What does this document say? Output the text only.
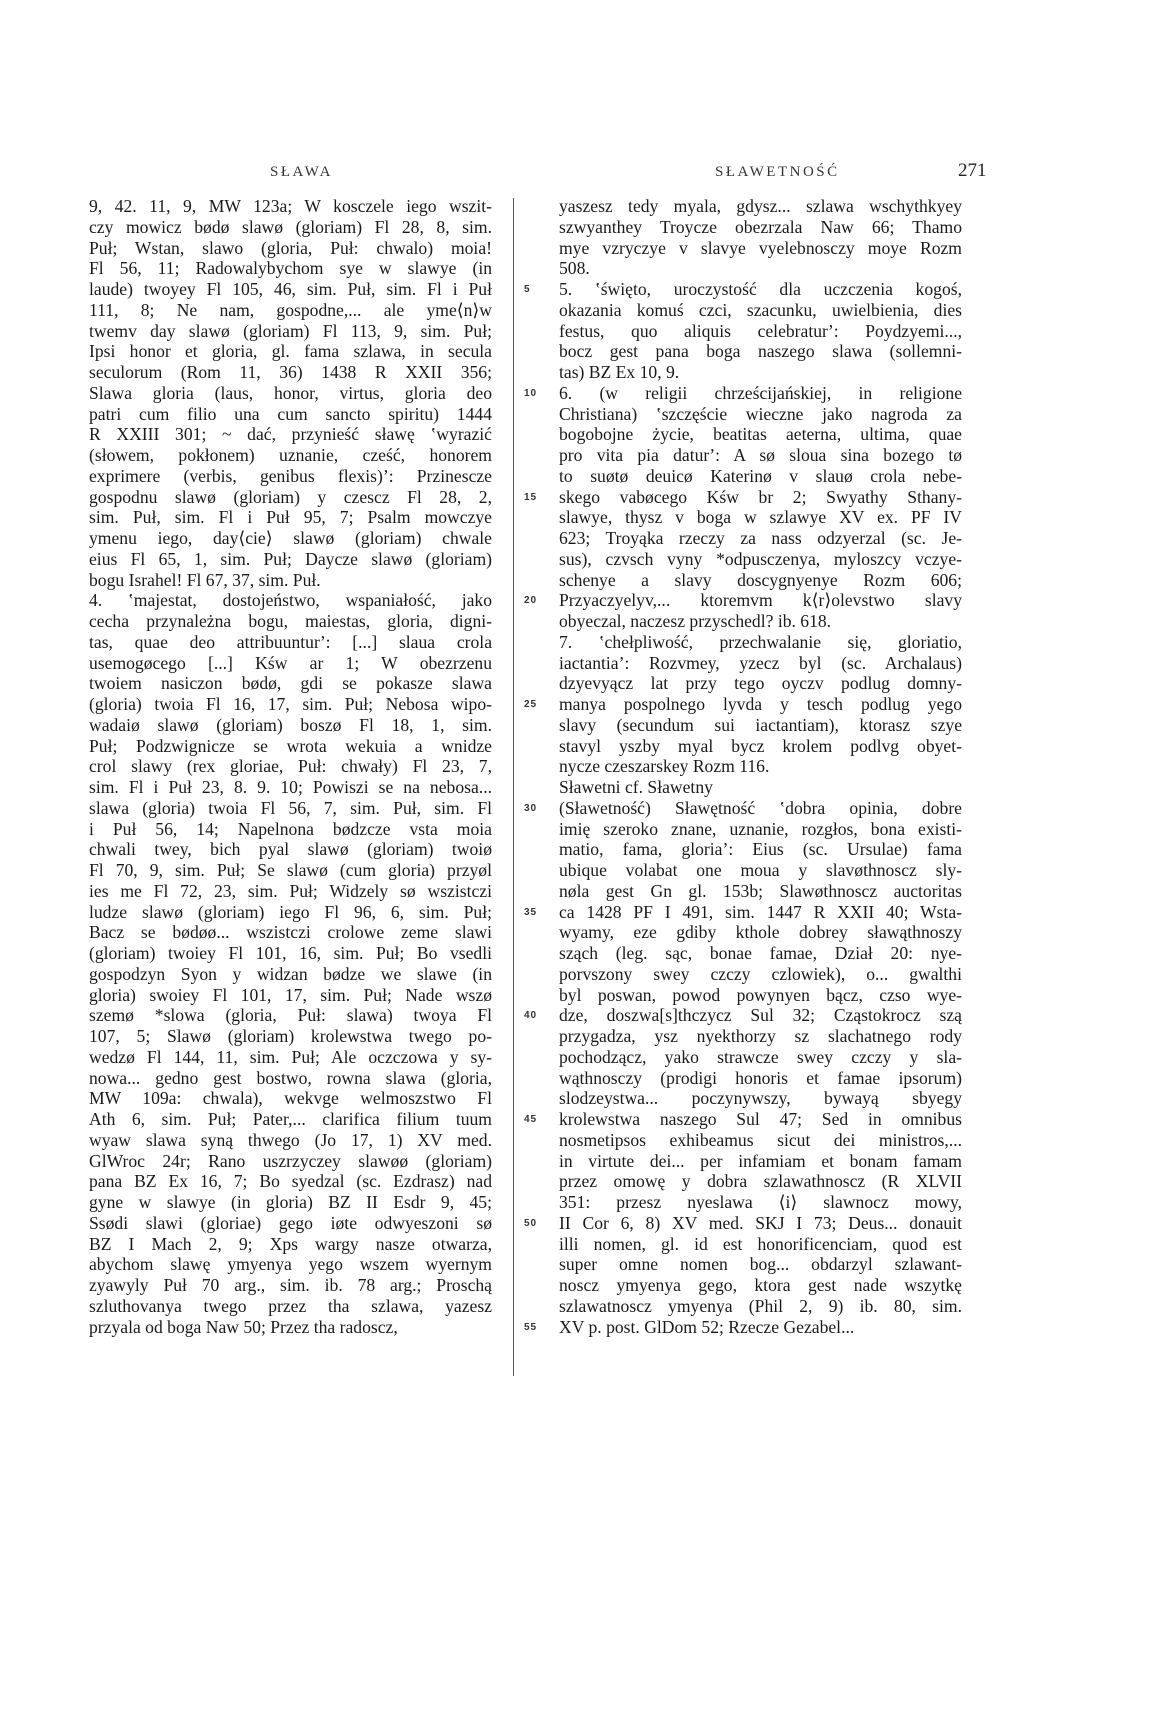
SŁAWA	SŁAWETNOŚĆ	271
9, 42. 11, 9, MW 123a; W kosczele iego wszit-
czy mowicz bødø slawø (gloriam) Fl 28, 8, sim.
Puł; Wstan, slawo (gloria, Puł: chwalo) moia!
Fl 56, 11; Radowalybychom sye w slawye (in
laude) twoyey Fl 105, 46, sim. Puł, sim. Fl i Puł
111, 8; Ne nam, gospodne,... ale yme⟨n⟩w
twemv day slawø (gloriam) Fl 113, 9, sim. Puł;
Ipsi honor et gloria, gl. fama szlawa, in secula
seculorum (Rom 11, 36) 1438 R XXII 356;
Slawa gloria (laus, honor, virtus, gloria deo
patri cum filio una cum sancto spiritu) 1444
R XXIII 301; ~ dać, przynieść sławę ʽwyrazić
(słowem, pokłonem) uznanie, cześć, honorem
exprimere (verbis, genibus flexis)ʼ: Przinescze
gospodnu slawø (gloriam) y czescz Fl 28, 2,
sim. Puł, sim. Fl i Puł 95, 7; Psalm mowczye
ymenu iego, day⟨cie⟩ slawø (gloriam) chwale
eius Fl 65, 1, sim. Puł; Daycze slawø (gloriam)
bogu Israhel! Fl 67, 37, sim. Puł.
4. ʽmajestat, dostojeństwo, wspaniałość, jako
cecha przynależna bogu, maiestas, gloria, digni-
tas, quae deo attribuunturʼ: [...] slaua crola
usemogøcego [...] Kśw ar 1; W obezrzenu
twoiem nasiczon bødø, gdi se pokasze slawa
(gloria) twoia Fl 16, 17, sim. Puł; Nebosa wipo-
wadaiø slawø (gloriam) boszø Fl 18, 1, sim.
Puł; Podzwignicze se wrota wekuia a wnidze
crol slawy (rex gloriae, Puł: chwały) Fl 23, 7,
sim. Fl i Puł 23, 8. 9. 10; Powiszi se na nebosa...
slawa (gloria) twoia Fl 56, 7, sim. Puł, sim. Fl
i Puł 56, 14; Napelnona bødzcze vsta moia
chwali twey, bich pyal slawø (gloriam) twoiø
Fl 70, 9, sim. Puł; Se slawø (cum gloria) przyøl
ies me Fl 72, 23, sim. Puł; Widzely sø wszistczi
ludze slawø (gloriam) iego Fl 96, 6, sim. Puł;
Bacz se bødøø... wszistczi crolowe zeme slawi
(gloriam) twoiey Fl 101, 16, sim. Puł; Bo vsedli
gospodzyn Syon y widzan bødze we slawe (in
gloria) swoiey Fl 101, 17, sim. Puł; Nade wszø
szemø *slowa (gloria, Puł: slawa) twoya Fl
107, 5; Slawø (gloriam) krolewstwa twego po-
wedzø Fl 144, 11, sim. Puł; Ale oczczowa y sy-
nowa... gedno gest bostwo, rowna slawa (gloria,
MW 109a: chwala), wekvge welmoszstwo Fl
Ath 6, sim. Puł; Pater,... clarifica filium tuum
wyaw slawa syną thwego (Jo 17, 1) XV med.
GlWroc 24r; Rano uszrzyczey slawøø (gloriam)
pana BZ Ex 16, 7; Bo syedzal (sc. Ezdrasz) nad
gyne w slawye (in gloria) BZ II Esdr 9, 45;
Ssødi slawi (gloriae) gego iøte odwyeszoni sø
BZ I Mach 2, 9; Xps wargy nasze otwarza,
abychom slawę ymyenya yego wszem wyernym
zyawyly Puł 70 arg., sim. ib. 78 arg.; Proschą
szluthovanya twego przez tha szlawa, yazesz
przyala od boga Naw 50; Przez tha radoscz,
5
10
15
20
25
30
35
40
45
50
55
yaszesz tedy myala, gdysz... szlawa wschythkyey
szwyanthey Troycze obezrzala Naw 66; Thamo
mye vzryczye v slavye vyelebnosczy moye Rozm
508.
5. ʽświęto, uroczystość dla uczczenia kogoś,
okazania komuś czci, szacunku, uwielbienia, dies
festus, quo aliquis celebraturʼ: Poydzyemi...,
bocz gest pana boga naszego slawa (sollemni-
tas) BZ Ex 10, 9.
6. (w religii chrześcijańskiej, in religione
Christiana) ʽszczęście wieczne jako nagroda za
bogobojne życie, beatitas aeterna, ultima, quae
pro vita pia daturʼ: A sø sloua sina bozego tø
to suøtø deuicø Katerinø v slauø crola nebe-
skego vabøcego Kśw br 2; Swyathy Sthany-
slawye, thysz v boga w szlawye XV ex. PF IV
623; Troyąka rzeczy za nass odzyerzal (sc. Je-
sus), czvsch vyny *odpusczenya, myloszcy vczye-
schenye a slavy doscygnyenye Rozm 606;
Przyaczyelyv,... ktoremvm k⟨r⟩olevstwo slavy
obyeczal, naczesz przyschedl? ib. 618.
7. ʽchełpliwość, przechwalanie się, gloriatio,
iactantiaʼ: Rozvmey, yzecz byl (sc. Archalaus)
dzyevyącz lat przy tego oyczv podlug domny-
manya pospolnego lyvda y tesch podlug yego
slavy (secundum sui iactantiam), ktorasz szye
stavyl yszby myal bycz krolem podlvg obyet-
nycze czeszarskey Rozm 116.
Sławetni cf. Sławetny
(Sławetność) Sławętność ʽdobra opinia, dobre
imię szeroko znane, uznanie, rozgłos, bona existi-
matio, fama, gloriaʼ: Eius (sc. Ursulae) fama
ubique volabat one moua y slavøthnoscz sly-
nøla gest Gn gl. 153b; Slawøthnoscz auctoritas
ca 1428 PF I 491, sim. 1447 R XXII 40; Wsta-
wyamy, eze gdiby kthole dobrey sławąthnoszy
sząch (leg. sąc, bonae famae, Dział 20: nye-
porvszony swey czczy czlowiek), o... gwalthi
byl poswan, powod powynyen bącz, czso wye-
dze, doszwa[s]thczycz Sul 32; Cząstokrocz szą
przygadza, ysz nyekthorzy sz slachatnego rody
pochodzącz, yako strawcze swey czczy y sla-
wąthnosczy (prodigi honoris et famae ipsorum)
slodzeystwa... poczynywszy, bywayą sbyegy
krolewstwa naszego Sul 47; Sed in omnibus
nosmetipsos exhibeamus sicut dei ministros,...
in virtute dei... per infamiam et bonam famam
przez omowę y dobra szlawathnoscz (R XLVII
351: przesz nyeslawa ⟨i⟩ slawnocz mowy,
II Cor 6, 8) XV med. SKJ I 73; Deus... donauit
illi nomen, gl. id est honorificenciam, quod est
super omne nomen bog... obdarzyl szlawant-
noscz ymyenya gego, ktora gest nade wszytkę
szlawatnoscz ymyenya (Phil 2, 9) ib. 80, sim.
XV p. post. GlDom 52; Rzecze Gezabel...
